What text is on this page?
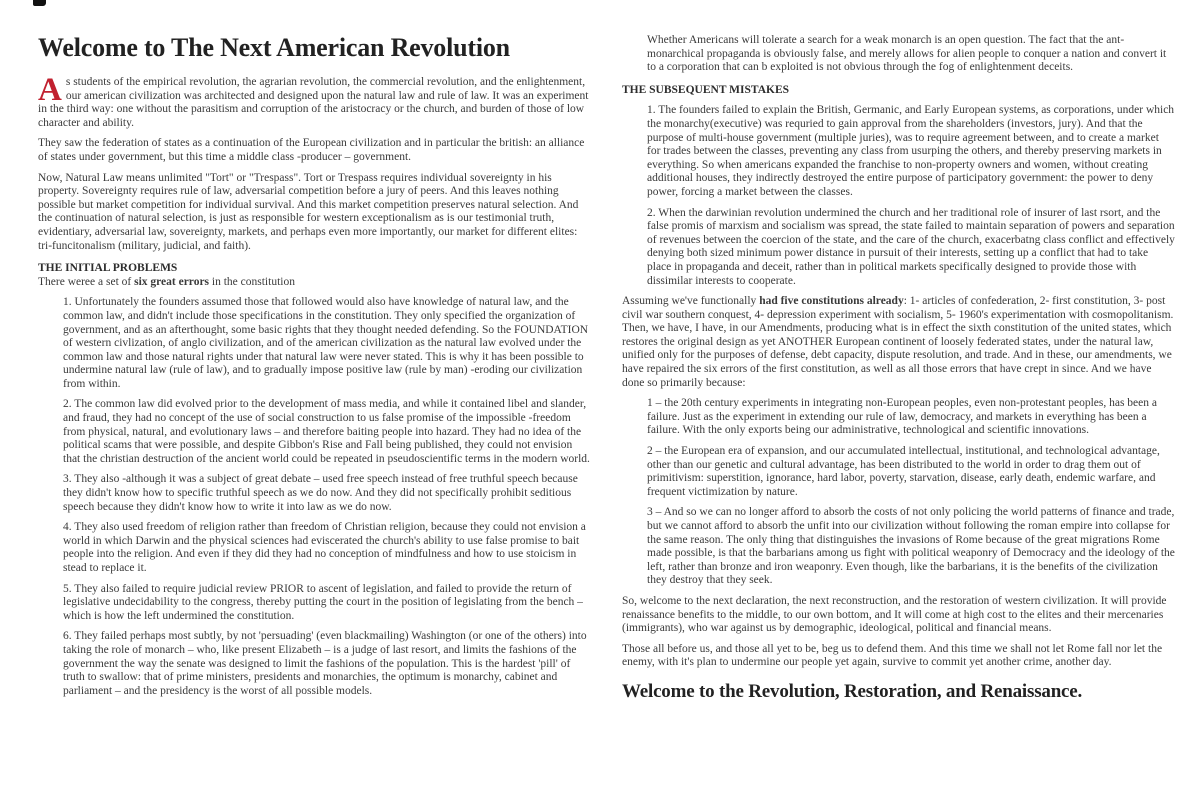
Welcome to The Next American Revolution

As students of the empirical revolution, the agrarian revolution, the commercial revolution, and the enlightenment, our american civilization was architected and designed upon the natural law and rule of law. It was an experiment in the third way: one without the parasitism and corruption of the aristocracy or the church, and burden of those of low character and ability.

They saw the federation of states as a continuation of the European civilization and in particular the british: an alliance of states under government, but this time a middle class -producer – government.

Now, Natural Law means unlimited "Tort" or "Trespass". Tort or Trespass requires individual sovereignty in his property. Sovereignty requires rule of law, adversarial competition before a jury of peers. And this leaves nothing possible but market competition for individual survival. And this market competition preserves natural selection. And the continuation of natural selection, is just as responsible for western exceptionalism as is our testimonial truth, evidentiary, adversarial law, sovereignty, markets, and perhaps even more importantly, our market for different elites: tri-funcitonalism (military, judicial, and faith).

THE INITIAL PROBLEMS

There weree a set of six great errors in the constitution

1. Unfortunately the founders assumed those that followed would also have knowledge of natural law, and the common law, and didn't include those specifications in the constitution. They only specified the organization of government, and as an afterthought, some basic rights that they thought needed defending. So the FOUNDATION of western civlization, of anglo civilization, and of the american civilization as the natural law evolved under the common law and those natural rights under that natural law were never stated. This is why it has been possible to undermine natural law (rule of law), and to gradually impose positive law (rule by man) -eroding our civilization from within.

2. The common law did evolved prior to the development of mass media, and while it contained libel and slander, and fraud, they had no concept of the use of social construction to us false promise of the impossible -freedom from physical, natural, and evolutionary laws – and therefore baiting people into hazard. They had no idea of the political scams that were possible, and despite Gibbon's Rise and Fall being published, they could not envision that the christian destruction of the ancient world could be repeated in pseudoscientific terms in the modern world.

3. They also -although it was a subject of great debate – used free speech instead of free truthful speech because they didn't know how to specific truthful speech as we do now. And they did not specifically prohibit seditious speech because they didn't know how to write it into law as we do now.

4. They also used freedom of religion rather than freedom of Christian religion, because they could not envision a world in which Darwin and the physical sciences had eviscerated the church's ability to use false promise to bait people into the religion. And even if they did they had no conception of mindfulness and how to use stoicism in stead to replace it.

5. They also failed to require judicial review PRIOR to ascent of legislation, and failed to provide the return of legislative undecidability to the congress, thereby putting the court in the position of legislating from the bench – which is how the left undermined the constitution.

6. They failed perhaps most subtly, by not 'persuading' (even blackmailing) Washington (or one of the others) into taking the role of monarch – who, like present Elizabeth – is a judge of last resort, and limits the fashions of the government the way the senate was designed to limit the fashions of the population. This is the hardest 'pill' of truth to swallow: that of prime ministers, presidents and monarchies, the optimum is monarchy, cabinet and parliament – and the presidency is the worst of all possible models.

Whether Americans will tolerate a search for a weak monarch is an open question. The fact that the ant-monarchical propaganda is obviously false, and merely allows for alien people to conquer a nation and convert it to a corporation that can b exploited is not obvious through the fog of enlightenment deceits.

THE SUBSEQUENT MISTAKES

1. The founders failed to explain the British, Germanic, and Early European systems, as corporations, under which the monarchy(executive) was requried to gain approval from the shareholders (investors, jury). And that the purpose of multi-house government (multiple juries), was to require agreement between, and to create a market for trades between the classes, preventing any class from usurping the others, and thereby preserving markets in everything. So when americans expanded the franchise to non-property owners and women, without creating additional houses, they indirectly destroyed the entire purpose of participatory government: the power to deny power, forcing a market between the classes.

2. When the darwinian revolution undermined the church and her traditional role of insurer of last rsort, and the false promis of marxism and socialism was spread, the state failed to maintain separation of powers and separation of revenues between the coercion of the state, and the care of the church, exacerbatng class conflict and effectively denying both sized minimum power distance in pursuit of their interests, setting up a conflict that had to take place in propaganda and deceit, rather than in political markets specifically designed to provide those with dissimilar interests to cooperate.

Assuming we've functionally had five constitutions already: 1- articles of confederation, 2- first constitution, 3- post civil war southern conquest, 4- depression experiment with socialism, 5- 1960's experimentation with cosmopolitanism. Then, we have, I have, in our Amendments, producing what is in effect the sixth constitution of the united states, which restores the original design as yet ANOTHER European continent of loosely federated states, under the natural law, unified only for the purposes of defense, debt capacity, dispute resolution, and trade. And in these, our amendments, we have repaired the six errors of the first constitution, as well as all those errors that have crept in since. And we have done so primarily because:

1 – the 20th century experiments in integrating non-European peoples, even non-protestant peoples, has been a failure. Just as the experiment in extending our rule of law, democracy, and markets in everything has been a failure. With the only exports being our administrative, technological and scientific innovations.

2 – the European era of expansion, and our accumulated intellectual, institutional, and technological advantage, other than our genetic and cultural advantage, has been distributed to the world in order to drag them out of primitivism: superstition, ignorance, hard labor, poverty, starvation, disease, early death, endemic warfare, and frequent victimization by nature.

3 – And so we can no longer afford to absorb the costs of not only policing the world patterns of finance and trade, but we cannot afford to absorb the unfit into our civilization without following the roman empire into collapse for the same reason. The only thing that distinguishes the invasions of Rome because of the great migrations Rome made possible, is that the barbarians among us fight with political weaponry of Democracy and the ideology of the left, rather than bronze and iron weaponry. Even though, like the barbarians, it is the benefits of the civilization they destroy that they seek.

So, welcome to the next declaration, the next reconstruction, and the restoration of western civilization. It will provide renaissance benefits to the middle, to our own bottom, and It will come at high cost to the elites and their mercenaries (immigrants), who war against us by demographic, ideological, political and financial means.

Those all before us, and those all yet to be, beg us to defend them. And this time we shall not let Rome fall nor let the enemy, with it's plan to undermine our people yet again, survive to commit yet another crime, another day.

Welcome to the Revolution, Restoration, and Renaissance.
